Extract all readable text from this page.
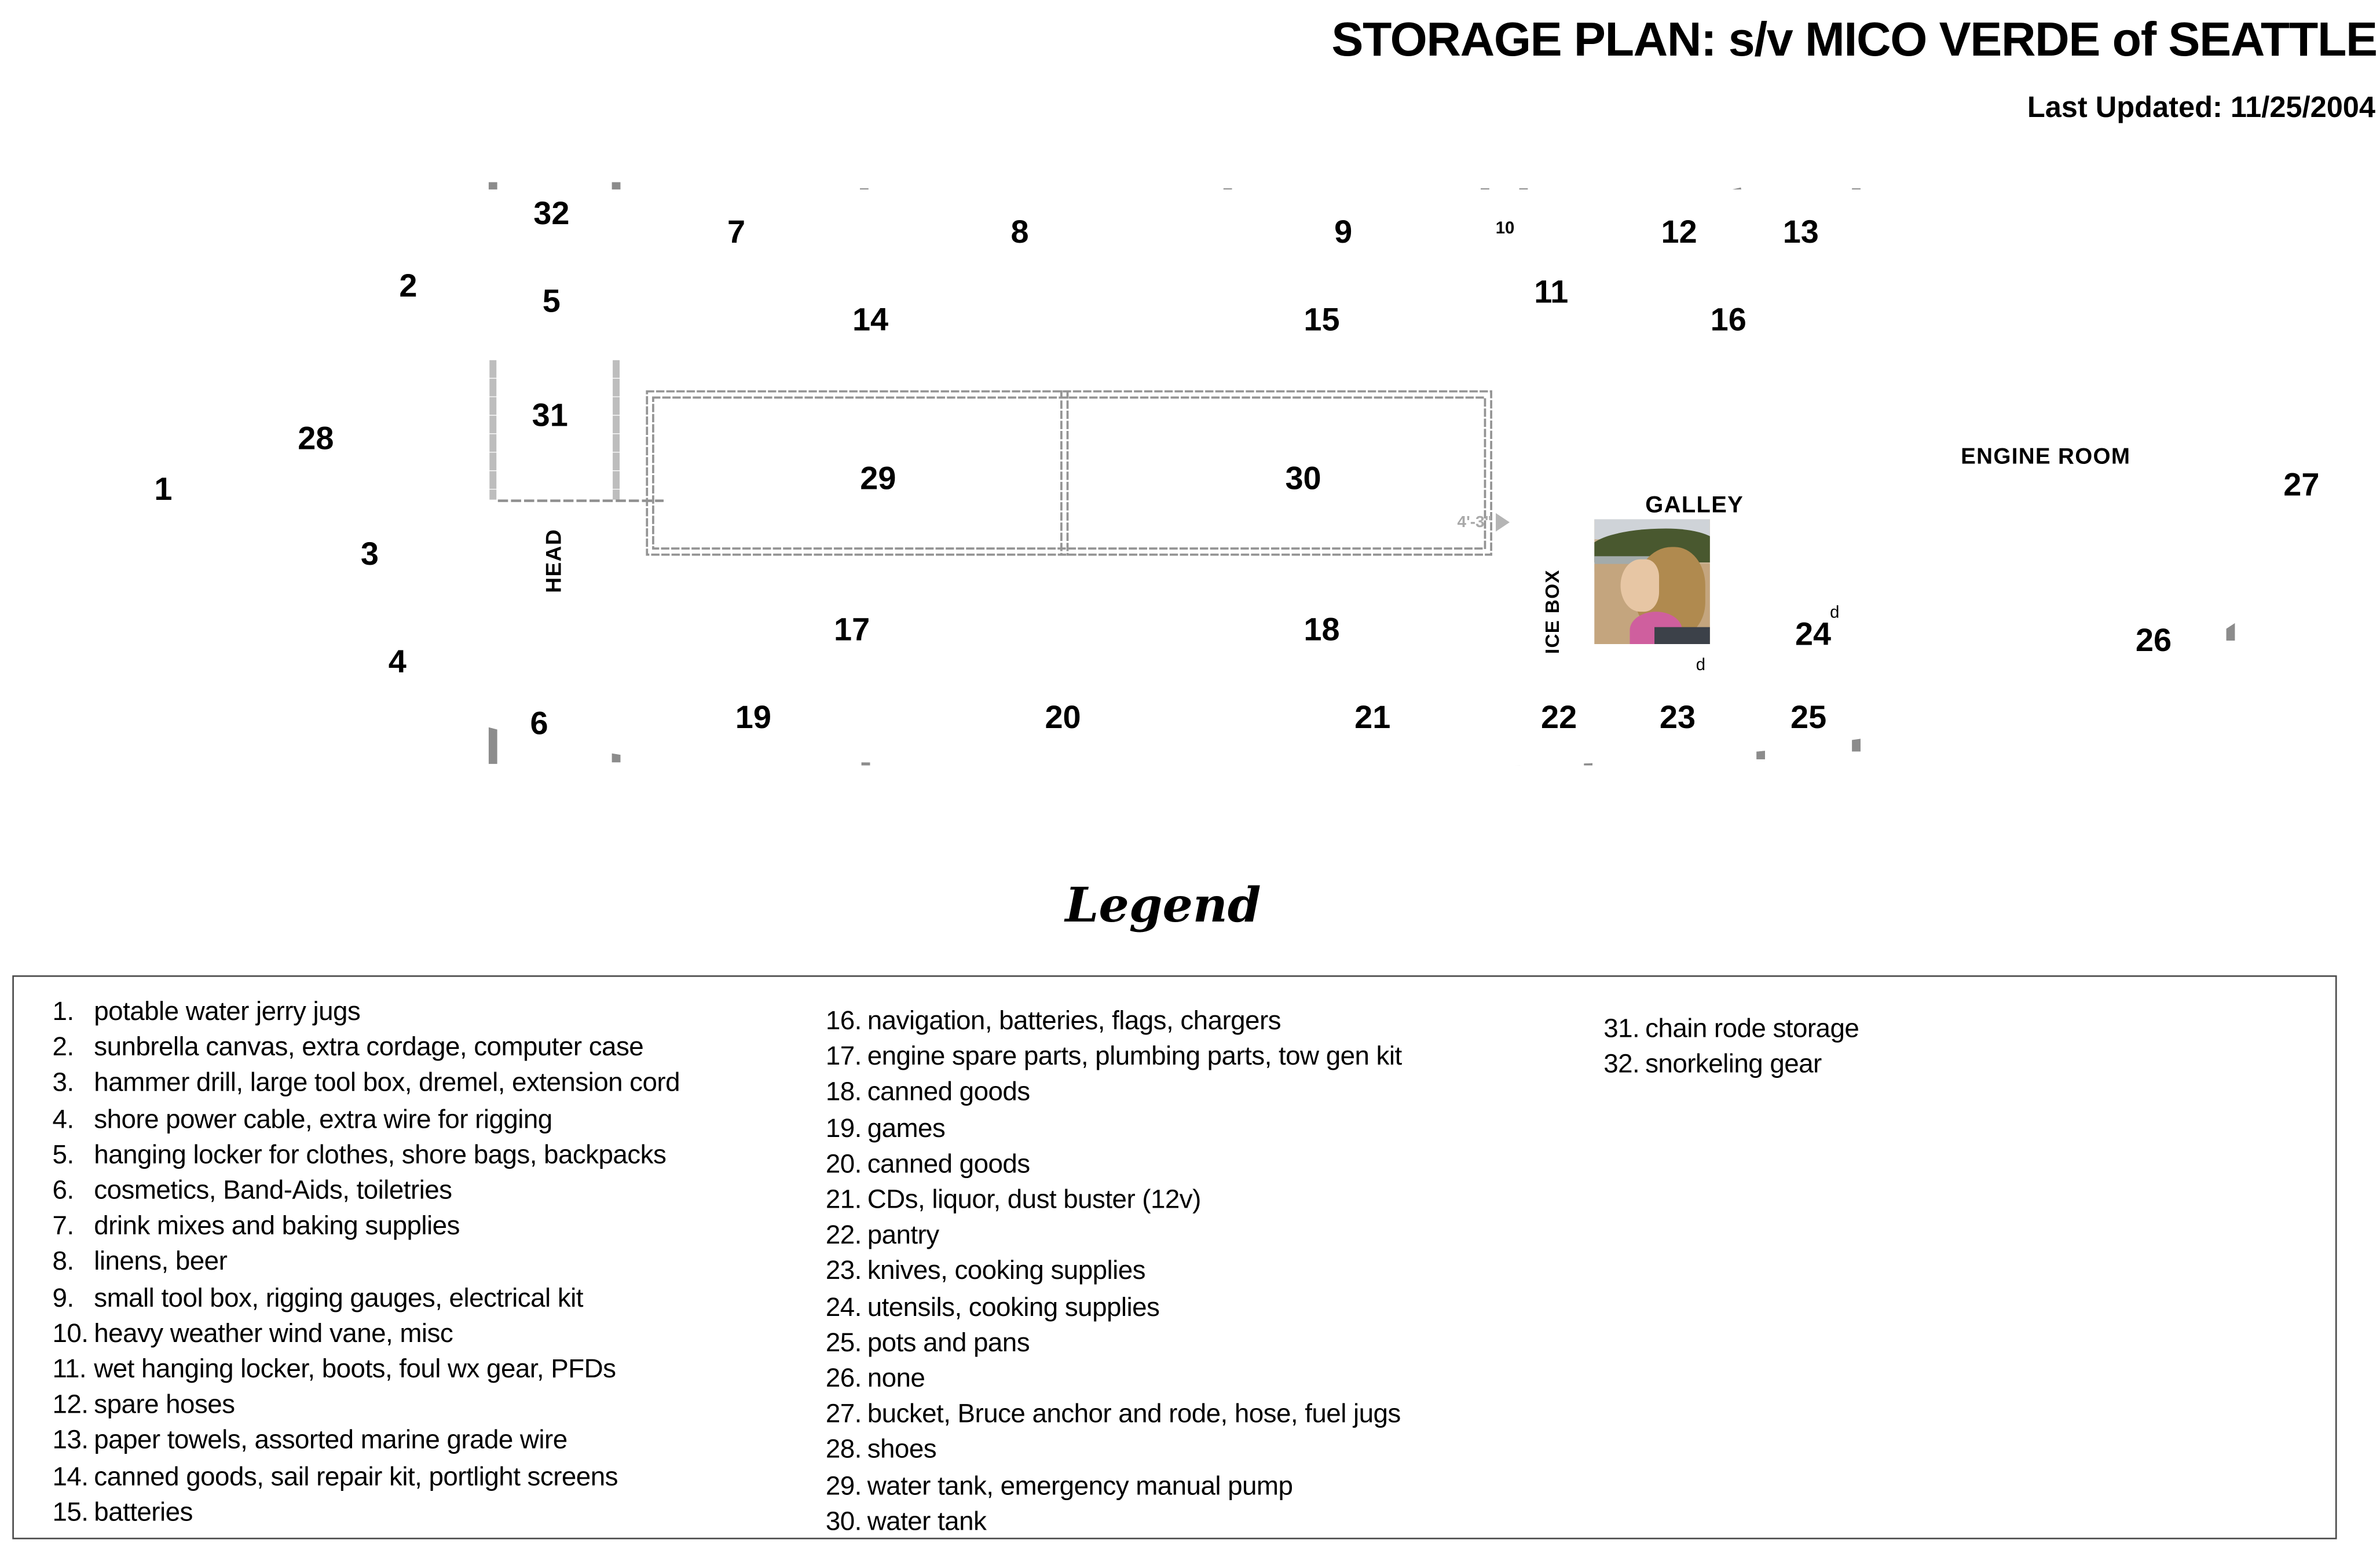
STORAGE PLAN: s/v MICO VERDE of SEATTLE
Last Updated: 11/25/2004
HEAD
ICE BOX
GALLEY
ENGINE ROOM
4'-3"
d
d
1
2
3
4
5
6
7	8	9	10
11
12	13
14	15	16
17	18
19	20	21	22	23
24
25
26
27
28
29	30
31
32
Legend
1. potable water jerry jugs
2. sunbrella canvas, extra cordage, computer case
3. hammer drill, large tool box, dremel, extension cord
4. shore power cable, extra wire for rigging
5. hanging locker for clothes, shore bags, backpacks
6. cosmetics, Band-Aids, toiletries
7. drink mixes and baking supplies
8. linens, beer
9. small tool box, rigging gauges, electrical kit
10. heavy weather wind vane, misc
11. wet hanging locker, boots, foul wx gear, PFDs
12. spare hoses
13. paper towels, assorted marine grade wire
14. canned goods, sail repair kit, portlight screens
15. batteries
16. navigation, batteries, flags, chargers
17. engine spare parts, plumbing parts, tow gen kit
18. canned goods
19. games
20. canned goods
21. CDs, liquor, dust buster (12v)
22. pantry
23. knives, cooking supplies
24. utensils, cooking supplies
25. pots and pans
26. none
27. bucket, Bruce anchor and rode, hose, fuel jugs
28. shoes
29. water tank, emergency manual pump
30. water tank
31. chain rode storage
32. snorkeling gear
